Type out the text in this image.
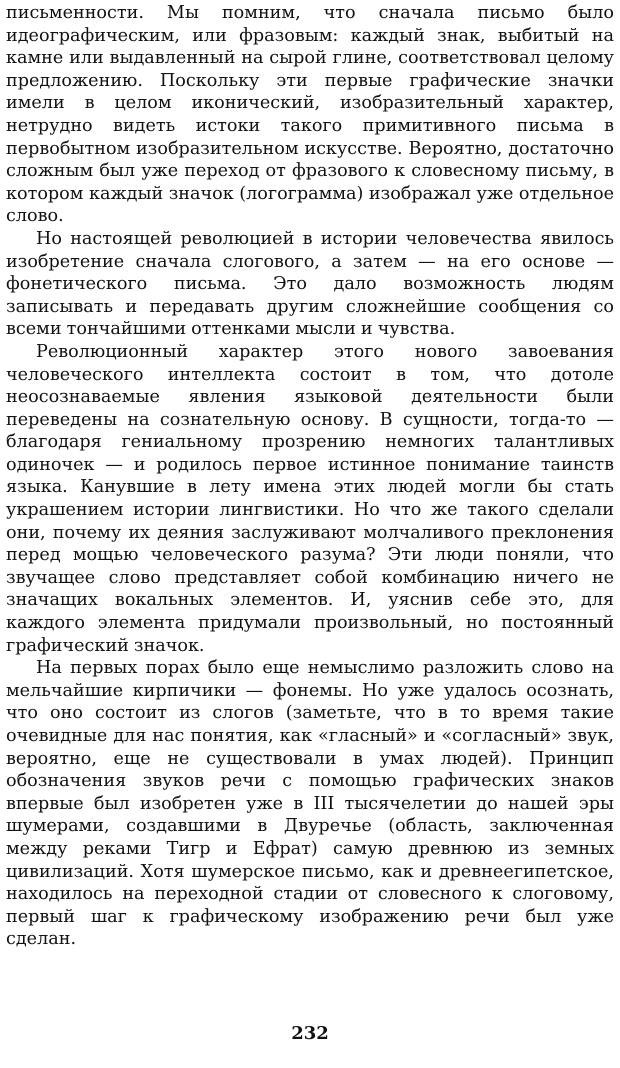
письменности. Мы помним, что сначала письмо было идеографическим, или фразовым: каждый знак, выбитый на камне или выдавленный на сырой глине, соответствовал целому предложению. Поскольку эти первые графические значки имели в целом иконический, изобразительный характер, нетрудно видеть истоки такого примитивного письма в первобытном изобразительном искусстве. Вероятно, достаточно сложным был уже переход от фразового к словесному письму, в котором каждый значок (логограмма) изображал уже отдельное слово.

Но настоящей революцией в истории человечества явилось изобретение сначала слогового, а затем — на его основе — фонетического письма. Это дало возможность людям записывать и передавать другим сложнейшие сообщения со всеми тончайшими оттенками мысли и чувства.

Революционный характер этого нового завоевания человеческого интеллекта состоит в том, что дотоле неосознаваемые явления языковой деятельности были переведены на сознательную основу. В сущности, тогда-то — благодаря гениальному прозрению немногих талантливых одиночек — и родилось первое истинное понимание таинств языка. Канувшие в лету имена этих людей могли бы стать украшением истории лингвистики. Но что же такого сделали они, почему их деяния заслуживают молчаливого преклонения перед мощью человеческого разума? Эти люди поняли, что звучащее слово представляет собой комбинацию ничего не значащих вокальных элементов. И, уяснив себе это, для каждого элемента придумали произвольный, но постоянный графический значок.

На первых порах было еще немыслимо разложить слово на мельчайшие кирпичики — фонемы. Но уже удалось осознать, что оно состоит из слогов (заметьте, что в то время такие очевидные для нас понятия, как «гласный» и «согласный» звук, вероятно, еще не существовали в умах людей). Принцип обозначения звуков речи с помощью графических знаков впервые был изобретен уже в III тысячелетии до нашей эры шумерами, создавшими в Двуречье (область, заключенная между реками Тигр и Ефрат) самую древнюю из земных цивилизаций. Хотя шумерское письмо, как и древнеегипетское, находилось на переходной стадии от словесного к слоговому, первый шаг к графическому изображению речи был уже сделан.

232
